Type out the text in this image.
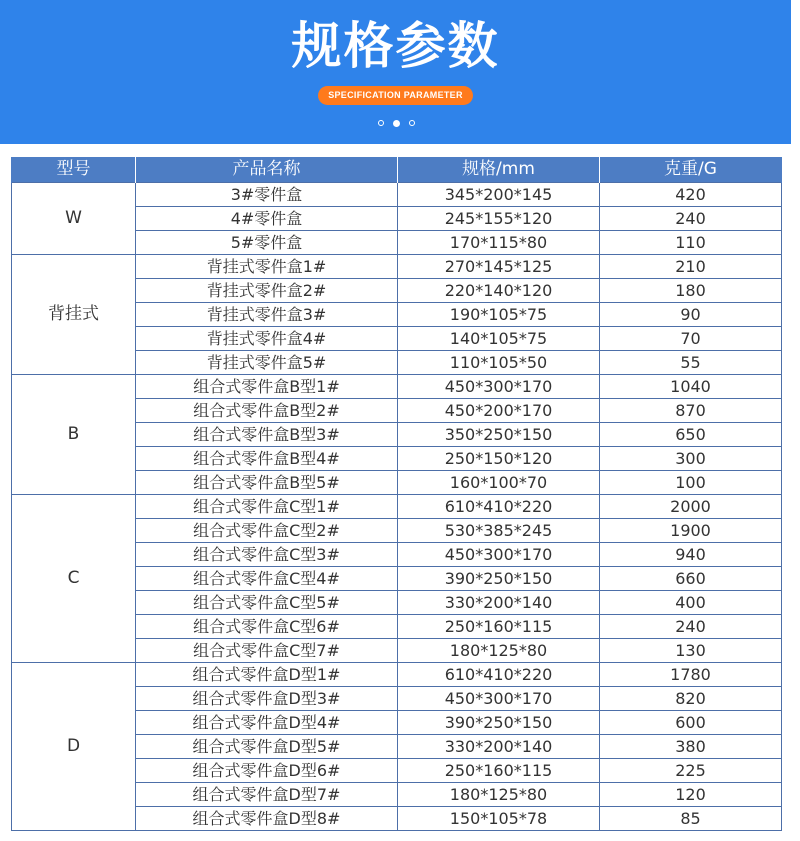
规格参数
SPECIFICATION PARAMETER
型号	产品名称	规格/mm	克重/G
W	3#零件盒	345*200*145	420
	4#零件盒	245*155*120	240
	5#零件盒	170*115*80	110
背挂式	背挂式零件盒1#	270*145*125	210
	背挂式零件盒2#	220*140*120	180
	背挂式零件盒3#	190*105*75	90
	背挂式零件盒4#	140*105*75	70
	背挂式零件盒5#	110*105*50	55
B	组合式零件盒B型1#	450*300*170	1040
	组合式零件盒B型2#	450*200*170	870
	组合式零件盒B型3#	350*250*150	650
	组合式零件盒B型4#	250*150*120	300
	组合式零件盒B型5#	160*100*70	100
C	组合式零件盒C型1#	610*410*220	2000
	组合式零件盒C型2#	530*385*245	1900
	组合式零件盒C型3#	450*300*170	940
	组合式零件盒C型4#	390*250*150	660
	组合式零件盒C型5#	330*200*140	400
	组合式零件盒C型6#	250*160*115	240
	组合式零件盒C型7#	180*125*80	130
D	组合式零件盒D型1#	610*410*220	1780
	组合式零件盒D型3#	450*300*170	820
	组合式零件盒D型4#	390*250*150	600
	组合式零件盒D型5#	330*200*140	380
	组合式零件盒D型6#	250*160*115	225
	组合式零件盒D型7#	180*125*80	120
	组合式零件盒D型8#	150*105*78	85
